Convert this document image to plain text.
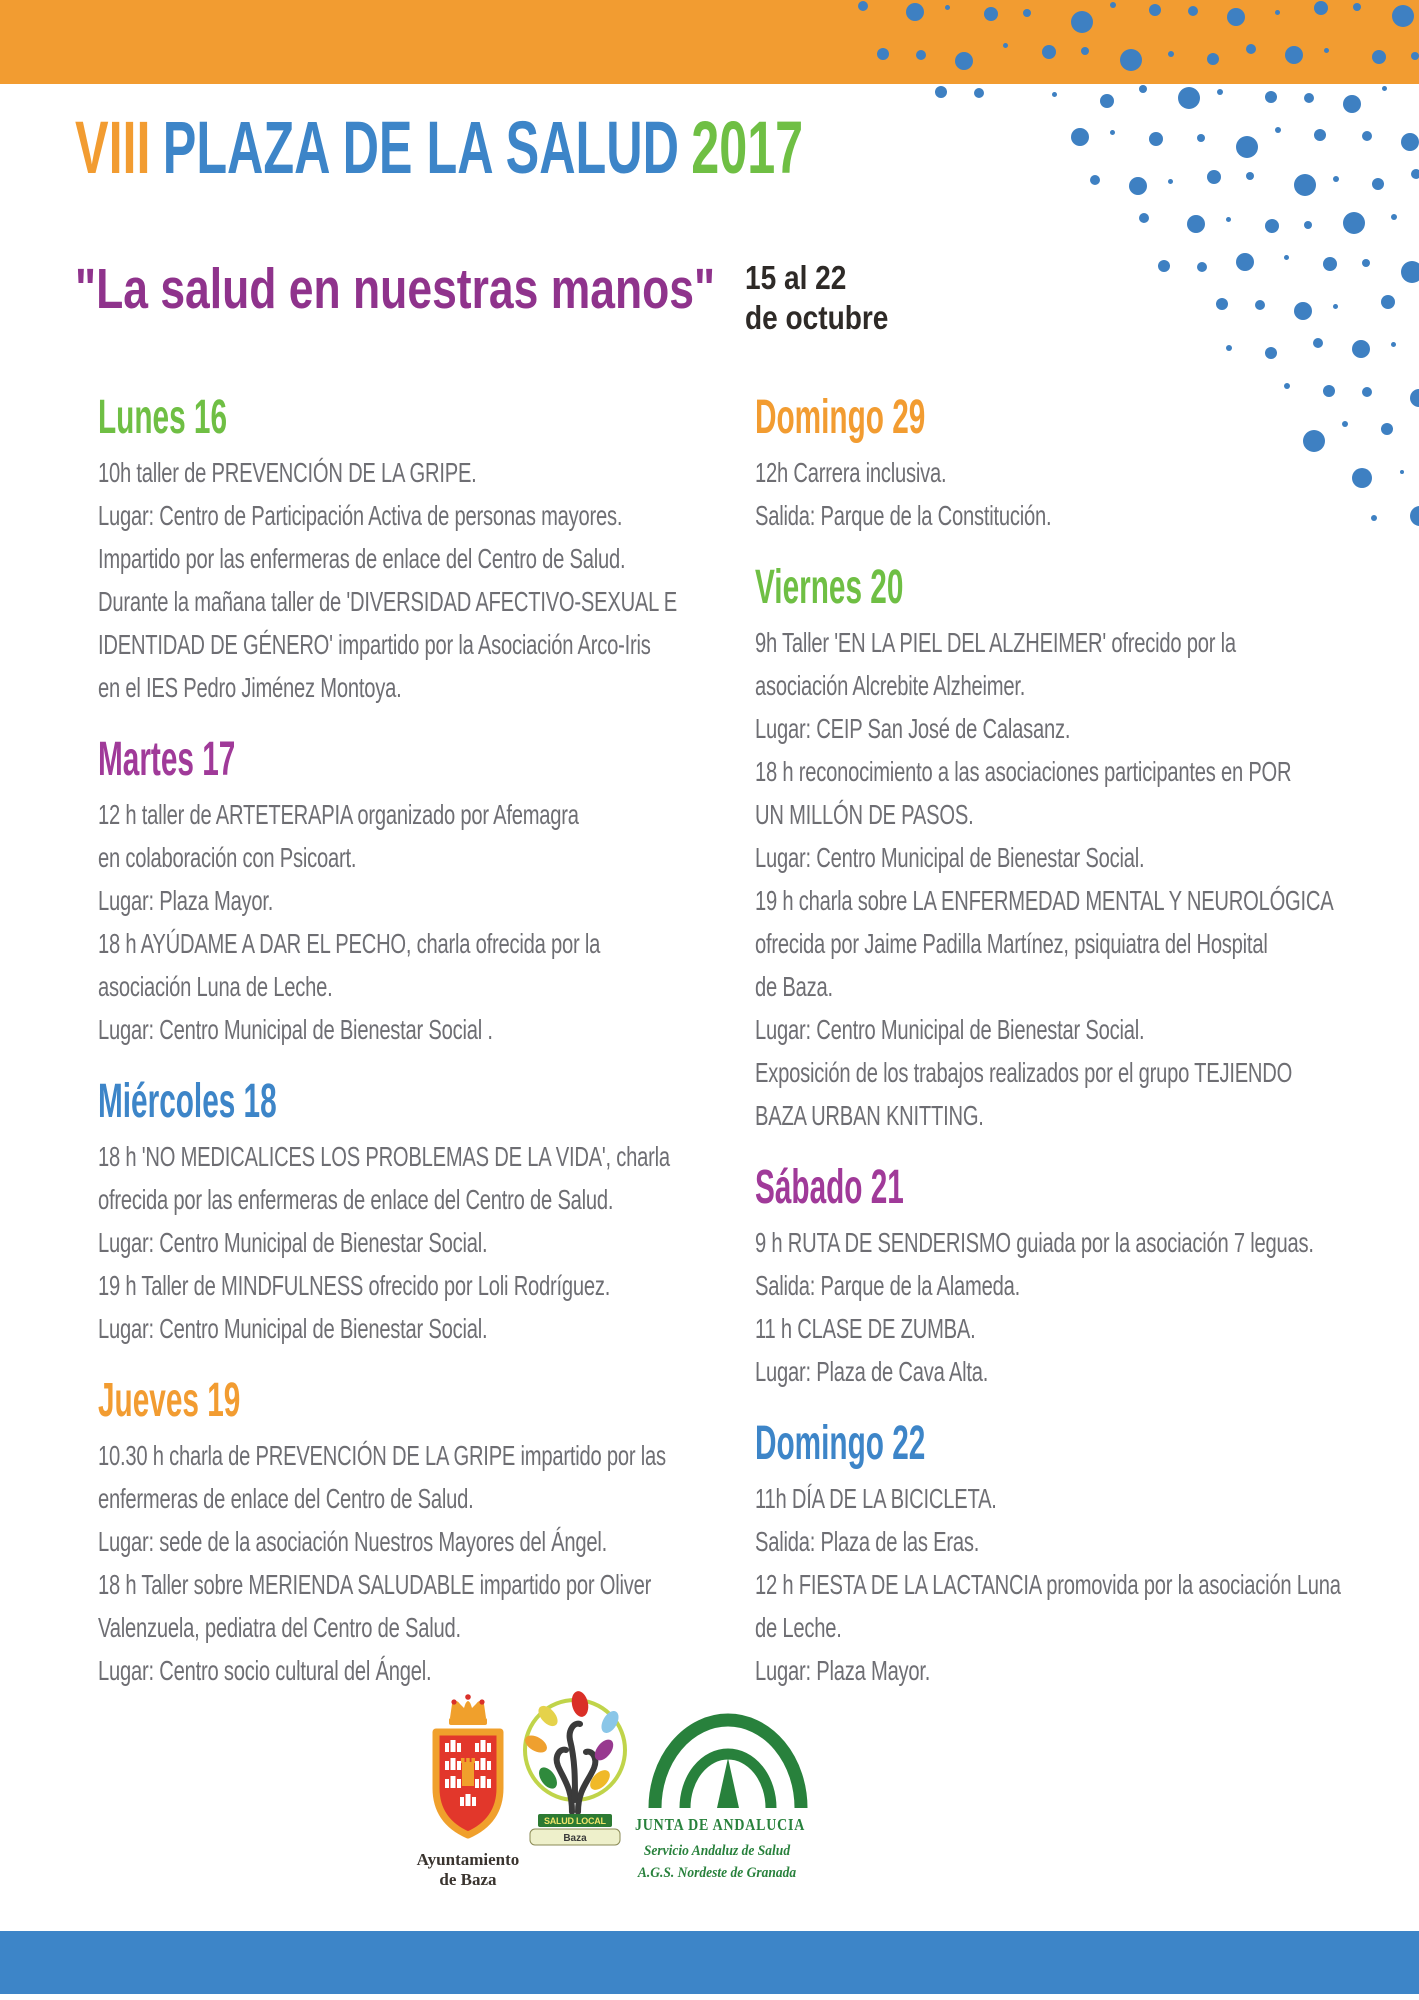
VIII PLAZA DE LA SALUD 2017
"La salud en nuestras manos" 15 al 22
de octubre
Lunes 16
10h taller de PREVENCIÓN DE LA GRIPE.
Lugar: Centro de Participación Activa de personas mayores.
Impartido por las enfermeras de enlace del Centro de Salud.
Durante la mañana taller de 'DIVERSIDAD AFECTIVO-SEXUAL E
IDENTIDAD DE GÉNERO' impartido por la Asociación Arco-Iris
en el IES Pedro Jiménez Montoya.
Martes 17
12 h taller de ARTETERAPIA organizado por Afemagra
en colaboración con Psicoart.
Lugar: Plaza Mayor.
18 h AYÚDAME A DAR EL PECHO, charla ofrecida por la
asociación Luna de Leche.
Lugar: Centro Municipal de Bienestar Social .
Miércoles 18
18 h 'NO MEDICALICES LOS PROBLEMAS DE LA VIDA', charla
ofrecida por las enfermeras de enlace del Centro de Salud.
Lugar: Centro Municipal de Bienestar Social.
19 h Taller de MINDFULNESS ofrecido por Loli Rodríguez.
Lugar: Centro Municipal de Bienestar Social.
Jueves 19
10.30 h charla de PREVENCIÓN DE LA GRIPE impartido por las
enfermeras de enlace del Centro de Salud.
Lugar: sede de la asociación Nuestros Mayores del Ángel.
18 h Taller sobre MERIENDA SALUDABLE impartido por Oliver
Valenzuela, pediatra del Centro de Salud.
Lugar: Centro socio cultural del Ángel.
Domingo 29
12h Carrera inclusiva.
Salida: Parque de la Constitución.
Viernes 20
9h Taller 'EN LA PIEL DEL ALZHEIMER' ofrecido por la
asociación Alcrebite Alzheimer.
Lugar: CEIP San José de Calasanz.
18 h reconocimiento a las asociaciones participantes en POR
UN MILLÓN DE PASOS.
Lugar: Centro Municipal de Bienestar Social.
19 h charla sobre LA ENFERMEDAD MENTAL Y NEUROLÓGICA
ofrecida por Jaime Padilla Martínez, psiquiatra del Hospital
de Baza.
Lugar: Centro Municipal de Bienestar Social.
Exposición de los trabajos realizados por el grupo TEJIENDO
BAZA URBAN KNITTING.
Sábado 21
9 h RUTA DE SENDERISMO guiada por la asociación 7 leguas.
Salida: Parque de la Alameda.
11 h CLASE DE ZUMBA.
Lugar: Plaza de Cava Alta.
Domingo 22
11h DÍA DE LA BICICLETA.
Salida: Plaza de las Eras.
12 h FIESTA DE LA LACTANCIA promovida por la asociación Luna
de Leche.
Lugar: Plaza Mayor.
Ayuntamiento
de Baza
SALUD LOCAL
Baza
JUNTA DE ANDALUCIA
Servicio Andaluz de Salud
A.G.S. Nordeste de Granada
